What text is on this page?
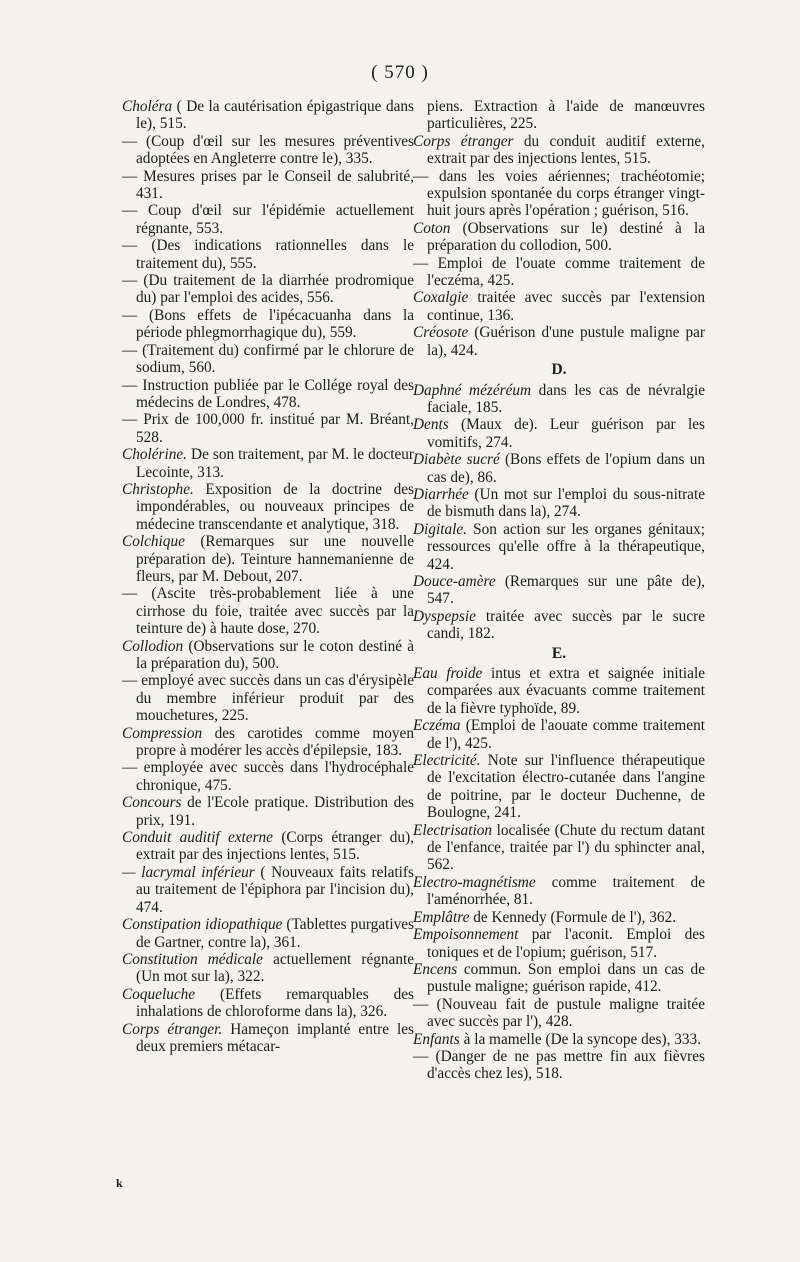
( 570 )
Choléra ( De la cautérisation épigastrique dans le), 515.
— (Coup d'œil sur les mesures préventives adoptées en Angleterre contre le), 335.
— Mesures prises par le Conseil de salubrité, 431.
— Coup d'œil sur l'épidémie actuellement régnante, 553.
— (Des indications rationnelles dans le traitement du), 555.
— (Du traitement de la diarrhée prodromique du) par l'emploi des acides, 556.
— (Bons effets de l'ipécacuanha dans la période phlegmorrhagique du), 559.
— (Traitement du) confirmé par le chlorure de sodium, 560.
— Instruction publiée par le Collége royal des médecins de Londres, 478.
— Prix de 100,000 fr. institué par M. Bréant, 528.
Cholérine. De son traitement, par M. le docteur Lecointe, 313.
Christophe. Exposition de la doctrine des impondérables, ou nouveaux principes de médecine transcendante et analytique, 318.
Colchique (Remarques sur une nouvelle préparation de). Teinture hannemanienne de fleurs, par M. Debout, 207.
— (Ascite très-probablement liée à une cirrhose du foie, traitée avec succès par la teinture de) à haute dose, 270.
Collodion (Observations sur le coton destiné à la préparation du), 500.
— employé avec succès dans un cas d'érysipèle du membre inférieur produit par des mouchetures, 225.
Compression des carotides comme moyen propre à modérer les accès d'épilepsie, 183.
— employée avec succès dans l'hydrocéphale chronique, 475.
Concours de l'Ecole pratique. Distribution des prix, 191.
Conduit auditif externe (Corps étranger du), extrait par des injections lentes, 515.
— lacrymal inférieur ( Nouveaux faits relatifs au traitement de l'épiphora par l'incision du), 474.
Constipation idiopathique (Tablettes purgatives de Gartner, contre la), 361.
Constitution médicale actuellement régnante (Un mot sur la), 322.
Coqueluche (Effets remarquables des inhalations de chloroforme dans la), 326.
Corps étranger. Hameçon implanté entre les deux premiers métacar-
piens. Extraction à l'aide de manœuvres particulières, 225.
Corps étranger du conduit auditif externe, extrait par des injections lentes, 515.
— dans les voies aériennes; trachéotomie; expulsion spontanée du corps étranger vingt-huit jours après l'opération ; guérison, 516.
Coton (Observations sur le) destiné à la préparation du collodion, 500.
— Emploi de l'ouate comme traitement de l'eczéma, 425.
Coxalgie traitée avec succès par l'extension continue, 136.
Créosote (Guérison d'une pustule maligne par la), 424.
D.
Daphné mézéréum dans les cas de névralgie faciale, 185.
Dents (Maux de). Leur guérison par les vomitifs, 274.
Diabète sucré (Bons effets de l'opium dans un cas de), 86.
Diarrhée (Un mot sur l'emploi du sous-nitrate de bismuth dans la), 274.
Digitale. Son action sur les organes génitaux; ressources qu'elle offre à la thérapeutique, 424.
Douce-amère (Remarques sur une pâte de), 547.
Dyspepsie traitée avec succès par le sucre candi, 182.
E.
Eau froide intus et extra et saignée initiale comparées aux évacuants comme traitement de la fièvre typhoïde, 89.
Eczéma (Emploi de l'aouate comme traitement de l'), 425.
Electricité. Note sur l'influence thérapeutique de l'excitation électro-cutanée dans l'angine de poitrine, par le docteur Duchenne, de Boulogne, 241.
Electrisation localisée (Chute du rectum datant de l'enfance, traitée par l') du sphincter anal, 562.
Electro-magnétisme comme traitement de l'aménorrhée, 81.
Emplâtre de Kennedy (Formule de l'), 362.
Empoisonnement par l'aconit. Emploi des toniques et de l'opium; guérison, 517.
Encens commun. Son emploi dans un cas de pustule maligne; guérison rapide, 412.
— (Nouveau fait de pustule maligne traitée avec succès par l'), 428.
Enfants à la mamelle (De la syncope des), 333.
— (Danger de ne pas mettre fin aux fièvres d'accès chez les), 518.
k
